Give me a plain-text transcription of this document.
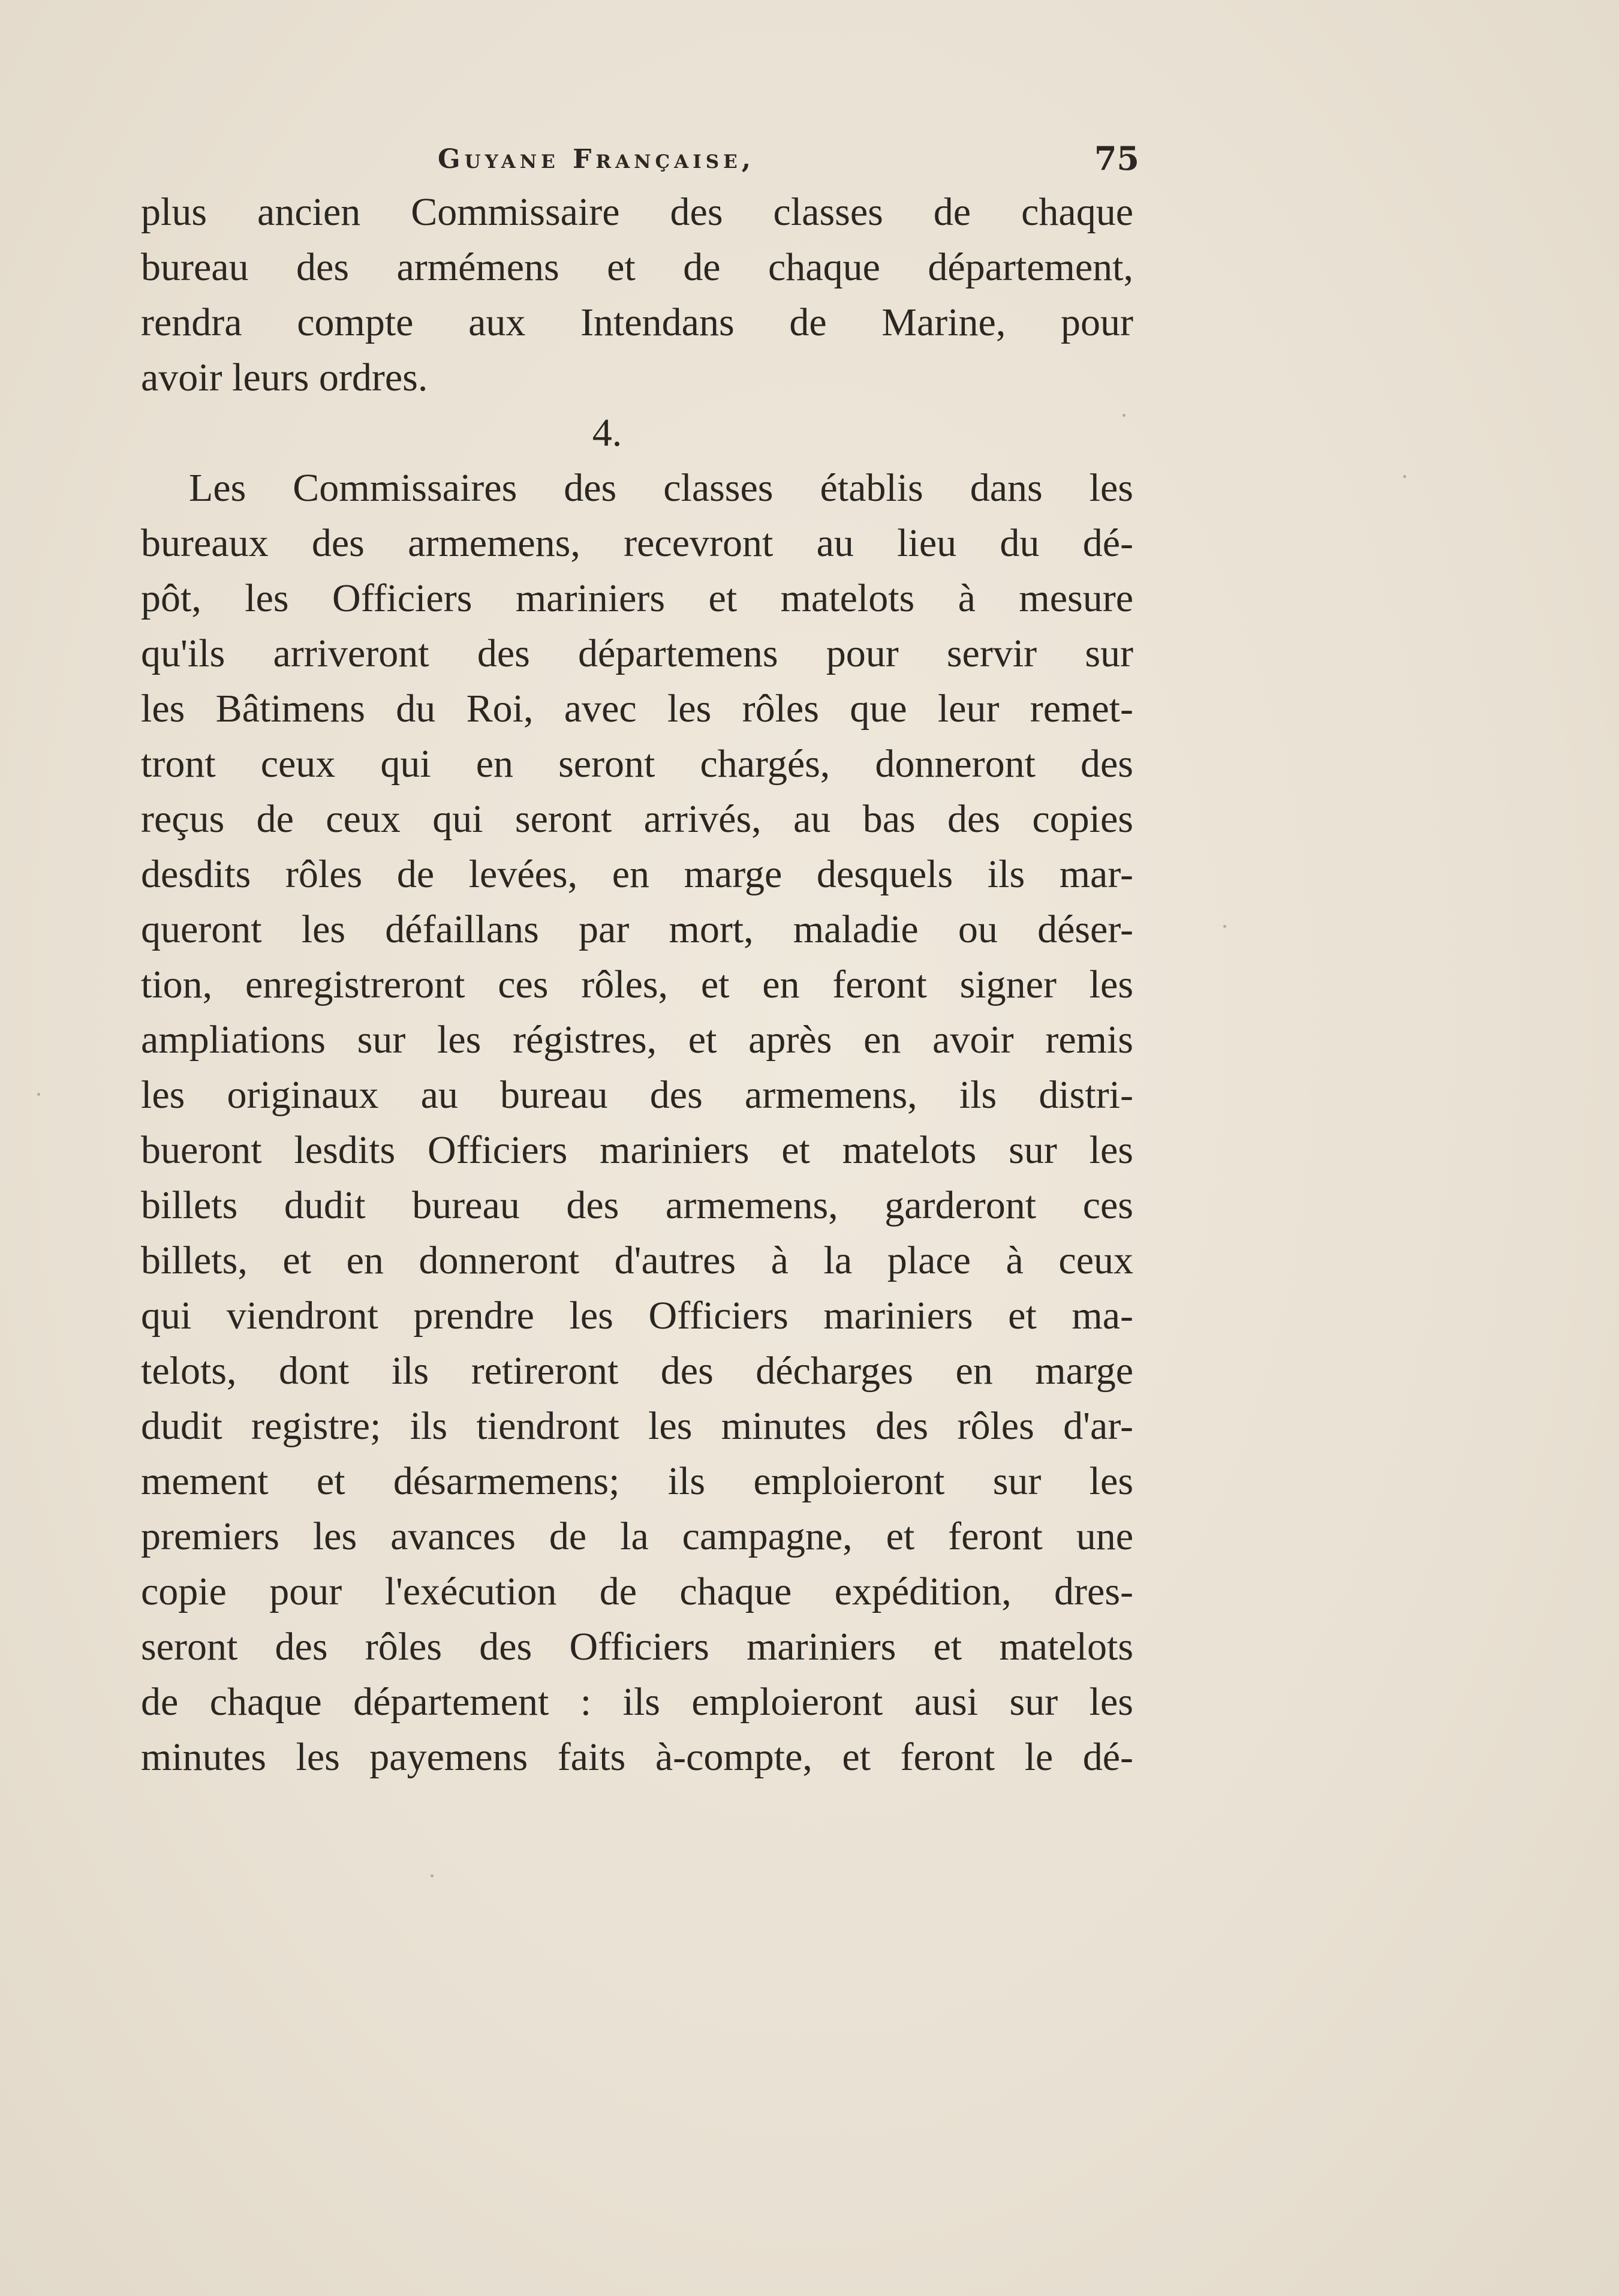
Guyane Française,	75
plus ancien Commissaire des classes de chaque
bureau des armémens et de chaque département,
rendra compte aux Intendans de Marine, pour
avoir leurs ordres.
4.
Les Commissaires des classes établis dans les
bureaux des armemens, recevront au lieu du dé-
pôt, les Officiers mariniers et matelots à mesure
qu'ils arriveront des départemens pour servir sur
les Bâtimens du Roi, avec les rôles que leur remet-
tront ceux qui en seront chargés, donneront des
reçus de ceux qui seront arrivés, au bas des copies
desdits rôles de levées, en marge desquels ils mar-
queront les défaillans par mort, maladie ou déser-
tion, enregistreront ces rôles, et en feront signer les
ampliations sur les régistres, et après en avoir remis
les originaux au bureau des armemens, ils distri-
bueront lesdits Officiers mariniers et matelots sur les
billets dudit bureau des armemens, garderont ces
billets, et en donneront d'autres à la place à ceux
qui viendront prendre les Officiers mariniers et ma-
telots, dont ils retireront des décharges en marge
dudit registre; ils tiendront les minutes des rôles d'ar-
mement et désarmemens; ils emploieront sur les
premiers les avances de la campagne, et feront une
copie pour l'exécution de chaque expédition, dres-
seront des rôles des Officiers mariniers et matelots
de chaque département : ils emploieront ausi sur les
minutes les payemens faits à-compte, et feront le dé-
